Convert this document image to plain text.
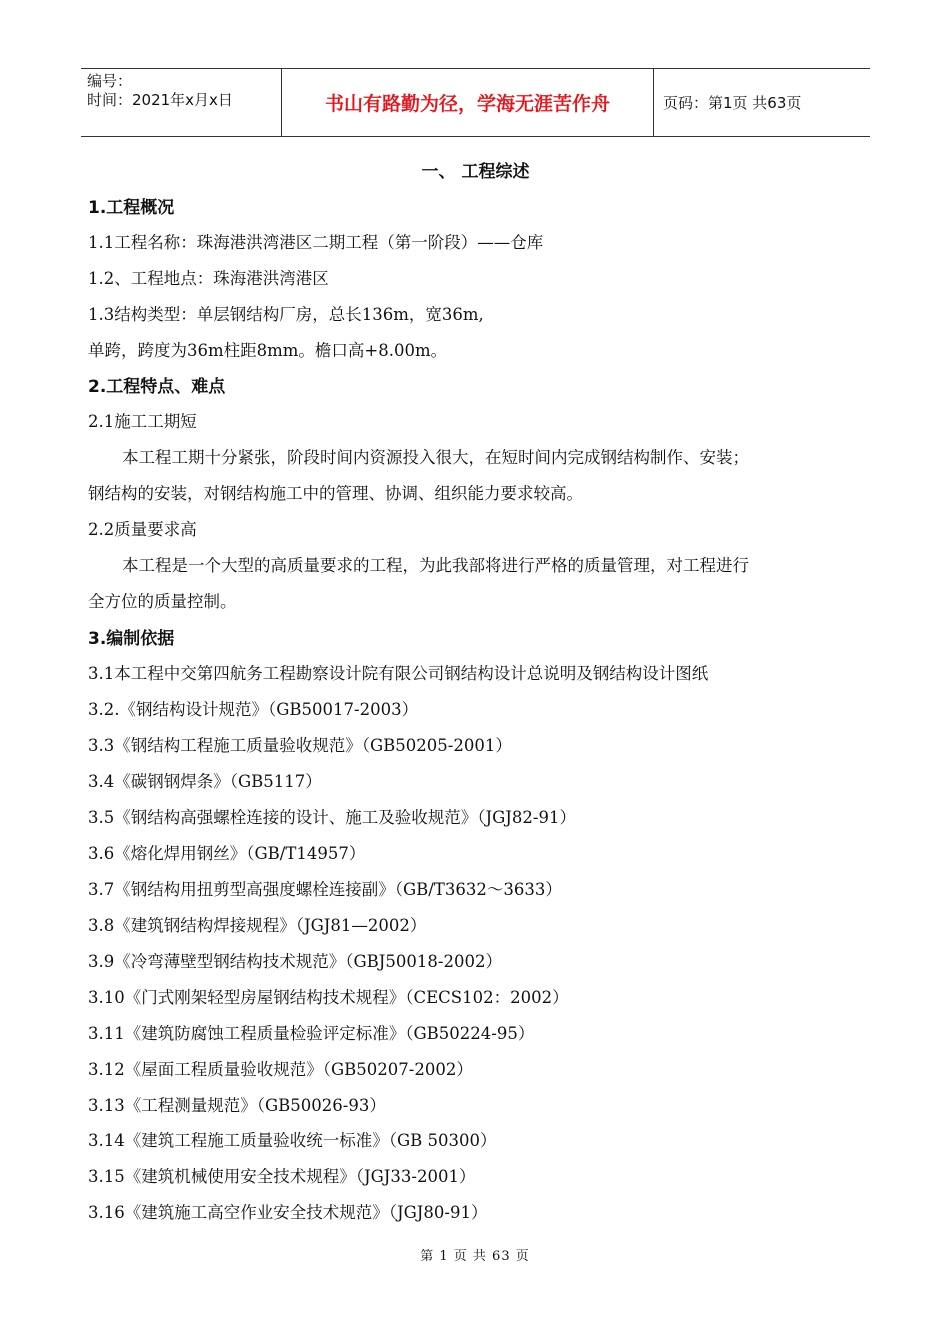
编号：
时间：2021年x月x日	书山有路勤为径，学海无涯苦作舟	页码：第1页 共63页
一、 工程综述
1.工程概况
1.1工程名称：珠海港洪湾港区二期工程（第一阶段）——仓库
1.2、工程地点：珠海港洪湾港区
1.3结构类型：单层钢结构厂房，总长136m，宽36m,
单跨，跨度为36m柱距8mm。檐口高+8.00m。
2.工程特点、难点
2.1施工工期短
本工程工期十分紧张，阶段时间内资源投入很大，在短时间内完成钢结构制作、安装；
钢结构的安装，对钢结构施工中的管理、协调、组织能力要求较高。
2.2质量要求高
本工程是一个大型的高质量要求的工程，为此我部将进行严格的质量管理，对工程进行
全方位的质量控制。
3.编制依据
3.1本工程中交第四航务工程勘察设计院有限公司钢结构设计总说明及钢结构设计图纸
3.2.《钢结构设计规范》（GB50017-2003）
3.3《钢结构工程施工质量验收规范》（GB50205-2001）
3.4《碳钢钢焊条》（GB5117）
3.5《钢结构高强螺栓连接的设计、施工及验收规范》（JGJ82-91）
3.6《熔化焊用钢丝》（GB/T14957）
3.7《钢结构用扭剪型高强度螺栓连接副》（GB/T3632～3633）
3.8《建筑钢结构焊接规程》（JGJ81—2002）
3.9《冷弯薄壁型钢结构技术规范》（GBJ50018-2002）
3.10《门式刚架轻型房屋钢结构技术规程》（CECS102：2002）
3.11《建筑防腐蚀工程质量检验评定标准》（GB50224-95）
3.12《屋面工程质量验收规范》（GB50207-2002）
3.13《工程测量规范》（GB50026-93）
3.14《建筑工程施工质量验收统一标准》（GB 50300）
3.15《建筑机械使用安全技术规程》（JGJ33-2001）
3.16《建筑施工高空作业安全技术规范》（JGJ80-91）
第 1 页 共 63 页
